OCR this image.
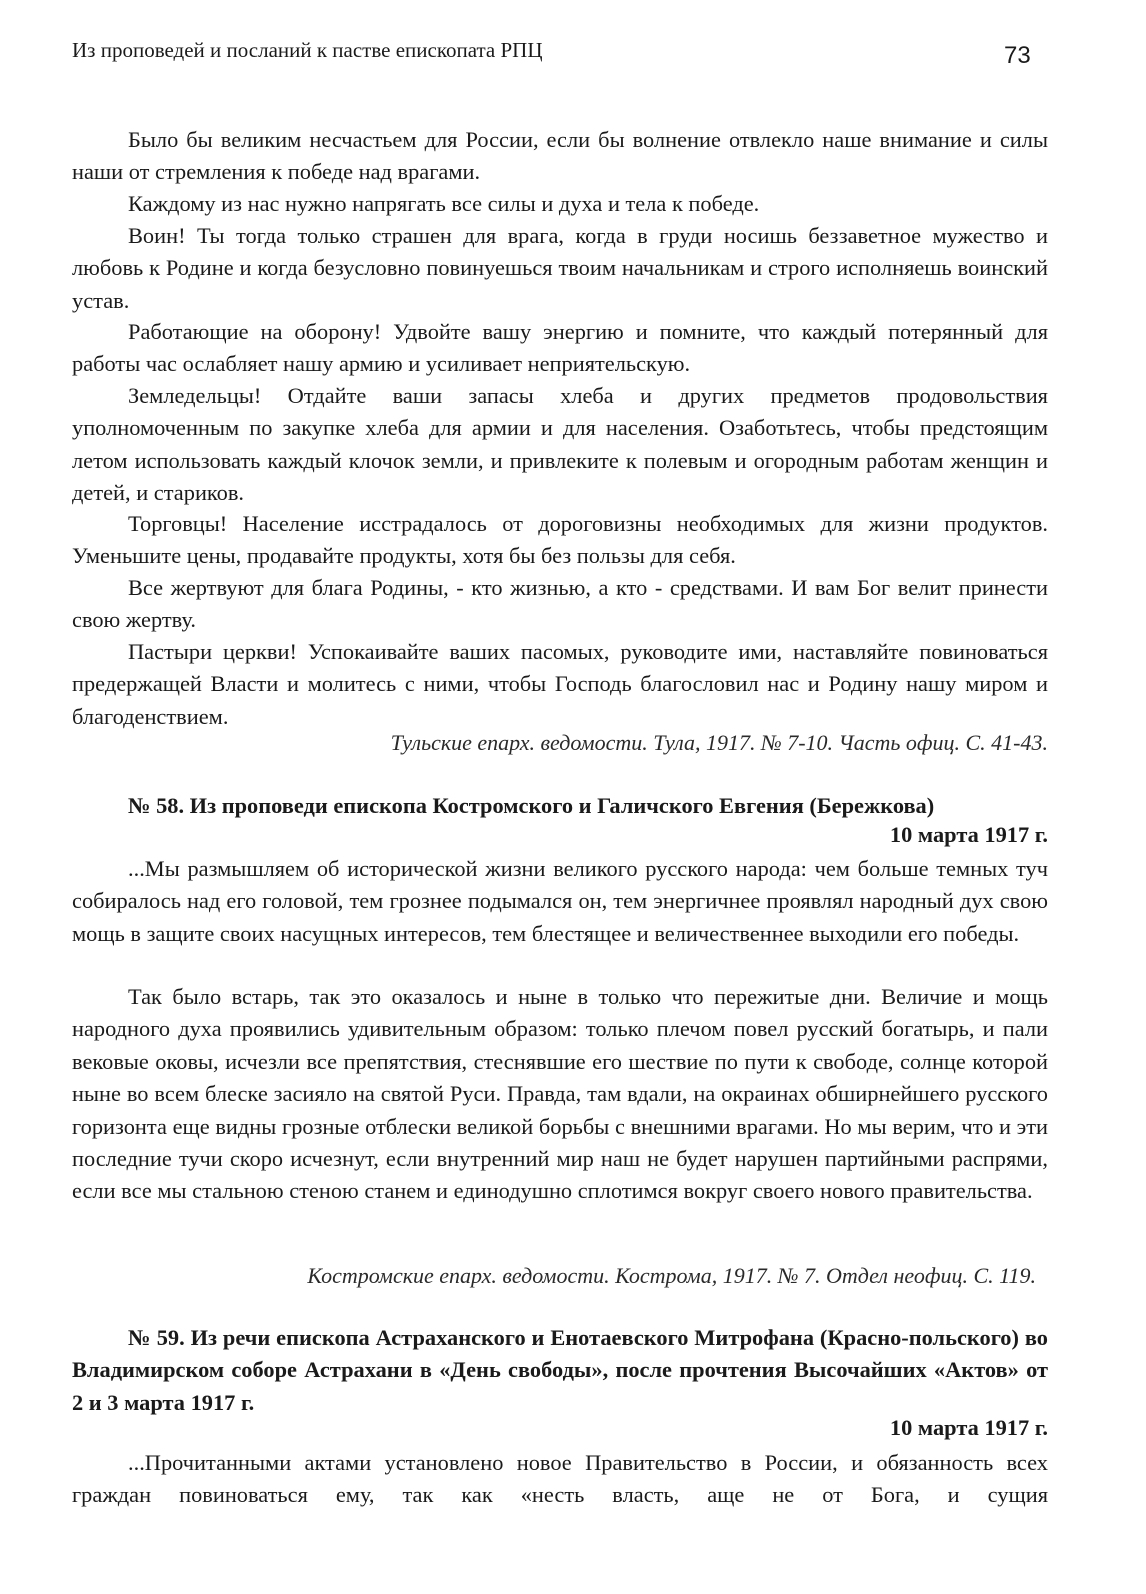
Из проповедей и посланий к пастве епископата РПЦ	73

Было бы великим несчастьем для России, если бы волнение отвлекло наше внимание и силы наши от стремления к победе над врагами.

Каждому из нас нужно напрягать все силы и духа и тела к победе.

Воин! Ты тогда только страшен для врага, когда в груди носишь беззаветное мужество и любовь к Родине и когда безусловно повинуешься твоим начальникам и строго исполняешь воинский устав.

Работающие на оборону! Удвойте вашу энергию и помните, что каждый потерянный для работы час ослабляет нашу армию и усиливает неприятельскую.

Земледельцы! Отдайте ваши запасы хлеба и других предметов продовольствия уполномоченным по закупке хлеба для армии и для населения. Озаботьтесь, чтобы предстоящим летом использовать каждый клочок земли, и привлеките к полевым и огородным работам женщин и детей, и стариков.

Торговцы! Население исстрадалось от дороговизны необходимых для жизни продуктов. Уменьшите цены, продавайте продукты, хотя бы без пользы для себя.

Все жертвуют для блага Родины, - кто жизнью, а кто - средствами. И вам Бог велит принести свою жертву.

Пастыри церкви! Успокаивайте ваших пасомых, руководите ими, наставляйте повиноваться предержащей Власти и молитесь с ними, чтобы Господь благословил нас и Родину нашу миром и благоденствием.

Тульские епарх. ведомости. Тула, 1917. № 7-10. Часть офиц. С. 41-43.

№ 58. Из проповеди епископа Костромского и Галичского Евгения (Бережкова)

10 марта 1917 г.

...Мы размышляем об исторической жизни великого русского народа: чем больше темных туч собиралось над его головой, тем грознее подымался он, тем энергичнее проявлял народный дух свою мощь в защите своих насущных интересов, тем блестящее и величественнее выходили его победы.

Так было встарь, так это оказалось и ныне в только что пережитые дни. Величие и мощь народного духа проявились удивительным образом: только плечом повел русский богатырь, и пали вековые оковы, исчезли все препятствия, стеснявшие его шествие по пути к свободе, солнце которой ныне во всем блеске засияло на святой Руси. Правда, там вдали, на окраинах обширнейшего русского горизонта еще видны грозные отблески великой борьбы с внешними врагами. Но мы верим, что и эти последние тучи скоро исчезнут, если внутренний мир наш не будет нарушен партийными распрями, если все мы стальною стеною станем и единодушно сплотимся вокруг своего нового правительства.

Костромские епарх. ведомости. Кострома, 1917. № 7. Отдел неофиц. С. 119.

№ 59. Из речи епископа Астраханского и Енотаевского Митрофана (Красно-польского) во Владимирском соборе Астрахани в «День свободы», после прочтения Высочайших «Актов» от 2 и 3 марта 1917 г.

10 марта 1917 г.

...Прочитанными актами установлено новое Правительство в России, и обязанность всех граждан повиноваться ему, так как «несть власть, аще не от Бога, и сущия
